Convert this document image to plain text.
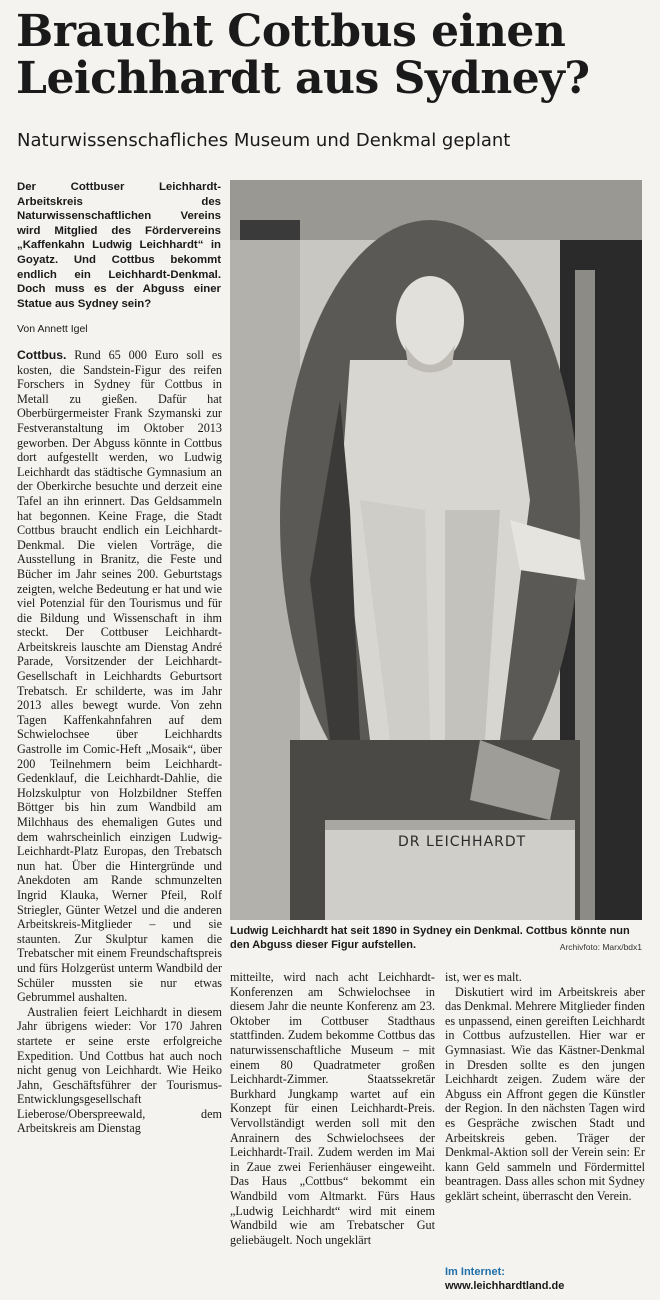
Braucht Cottbus einen
Leichhardt aus Sydney?

Naturwissenschafliches Museum und Denkmal geplant

Der Cottbuser Leichhardt-Arbeitskreis des Naturwissenschaftlichen Vereins wird Mitglied des Fördervereins „Kaffenkahn Ludwig Leichhardt“ in Goyatz. Und Cottbus bekommt endlich ein Leichhardt-Denkmal. Doch muss es der Abguss einer Statue aus Sydney sein?

Von Annett Igel

Cottbus. Rund 65 000 Euro soll es kosten, die Sandstein-Figur des reifen Forschers in Sydney für Cottbus in Metall zu gießen. Dafür hat Oberbürgermeister Frank Szymanski zur Festveranstaltung im Oktober 2013 geworben. Der Abguss könnte in Cottbus dort aufgestellt werden, wo Ludwig Leichhardt das städtische Gymnasium an der Oberkirche besuchte und derzeit eine Tafel an ihn erinnert. Das Geldsammeln hat begonnen. Keine Frage, die Stadt Cottbus braucht endlich ein Leichhardt-Denkmal. Die vielen Vorträge, die Ausstellung in Branitz, die Feste und Bücher im Jahr seines 200. Geburtstags zeigten, welche Bedeutung er hat und wie viel Potenzial für den Tourismus und für die Bildung und Wissenschaft in ihm steckt. Der Cottbuser Leichhardt-Arbeitskreis lauschte am Dienstag André Parade, Vorsitzender der Leichhardt-Gesellschaft in Leichhardts Geburtsort Trebatsch. Er schilderte, was im Jahr 2013 alles bewegt wurde. Von zehn Tagen Kaffenkahnfahren auf dem Schwielochsee über Leichhardts Gastrolle im Comic-Heft „Mosaik“, über 200 Teilnehmern beim Leichhardt-Gedenklauf, die Leichhardt-Dahlie, die Holzskulptur von Holzbildner Steffen Böttger bis hin zum Wandbild am Milchhaus des ehemaligen Gutes und dem wahrscheinlich einzigen Ludwig-Leichhardt-Platz Europas, den Trebatsch nun hat. Über die Hintergründe und Anekdoten am Rande schmunzelten Ingrid Klauka, Werner Pfeil, Rolf Striegler, Günter Wetzel und die anderen Arbeitskreis-Mitglieder – und sie staunten. Zur Skulptur kamen die Trebatscher mit einem Freundschaftspreis und fürs Holzgerüst unterm Wandbild der Schüler mussten sie nur etwas Gebrummel aushalten.

Australien feiert Leichhardt in diesem Jahr übrigens wieder: Vor 170 Jahren startete er seine erste erfolgreiche Expedition. Und Cottbus hat auch noch nicht genug von Leichhardt. Wie Heiko Jahn, Geschäftsführer der Tourismus-Entwicklungsgesellschaft Lieberose/Oberspreewald, dem Arbeitskreis am Dienstag

DR LEICHHARDT

Ludwig Leichhardt hat seit 1890 in Sydney ein Denkmal. Cottbus könnte nun den Abguss dieser Figur aufstellen.	Archivfoto: Marx/bdx1

mitteilte, wird nach acht Leichhardt-Konferenzen am Schwielochsee in diesem Jahr die neunte Konferenz am 23. Oktober im Cottbuser Stadthaus stattfinden. Zudem bekomme Cottbus das naturwissenschaftliche Museum – mit einem 80 Quadratmeter großen Leichhardt-Zimmer. Staatssekretär Burkhard Jungkamp wartet auf ein Konzept für einen Leichhardt-Preis. Vervollständigt werden soll mit den Anrainern des Schwielochsees der Leichhardt-Trail. Zudem werden im Mai in Zaue zwei Ferienhäuser eingeweiht. Das Haus „Cottbus“ bekommt ein Wandbild vom Altmarkt. Fürs Haus „Ludwig Leichhardt“ wird mit einem Wandbild wie am Trebatscher Gut geliebäugelt. Noch ungeklärt

ist, wer es malt.

Diskutiert wird im Arbeitskreis aber das Denkmal. Mehrere Mitglieder finden es unpassend, einen gereiften Leichhardt in Cottbus aufzustellen. Hier war er Gymnasiast. Wie das Kästner-Denkmal in Dresden sollte es den jungen Leichhardt zeigen. Zudem wäre der Abguss ein Affront gegen die Künstler der Region. In den nächsten Tagen wird es Gespräche zwischen Stadt und Arbeitskreis geben. Träger der Denkmal-Aktion soll der Verein sein: Er kann Geld sammeln und Fördermittel beantragen. Dass alles schon mit Sydney geklärt scheint, überrascht den Verein.

Im Internet:
www.leichhardtland.de
